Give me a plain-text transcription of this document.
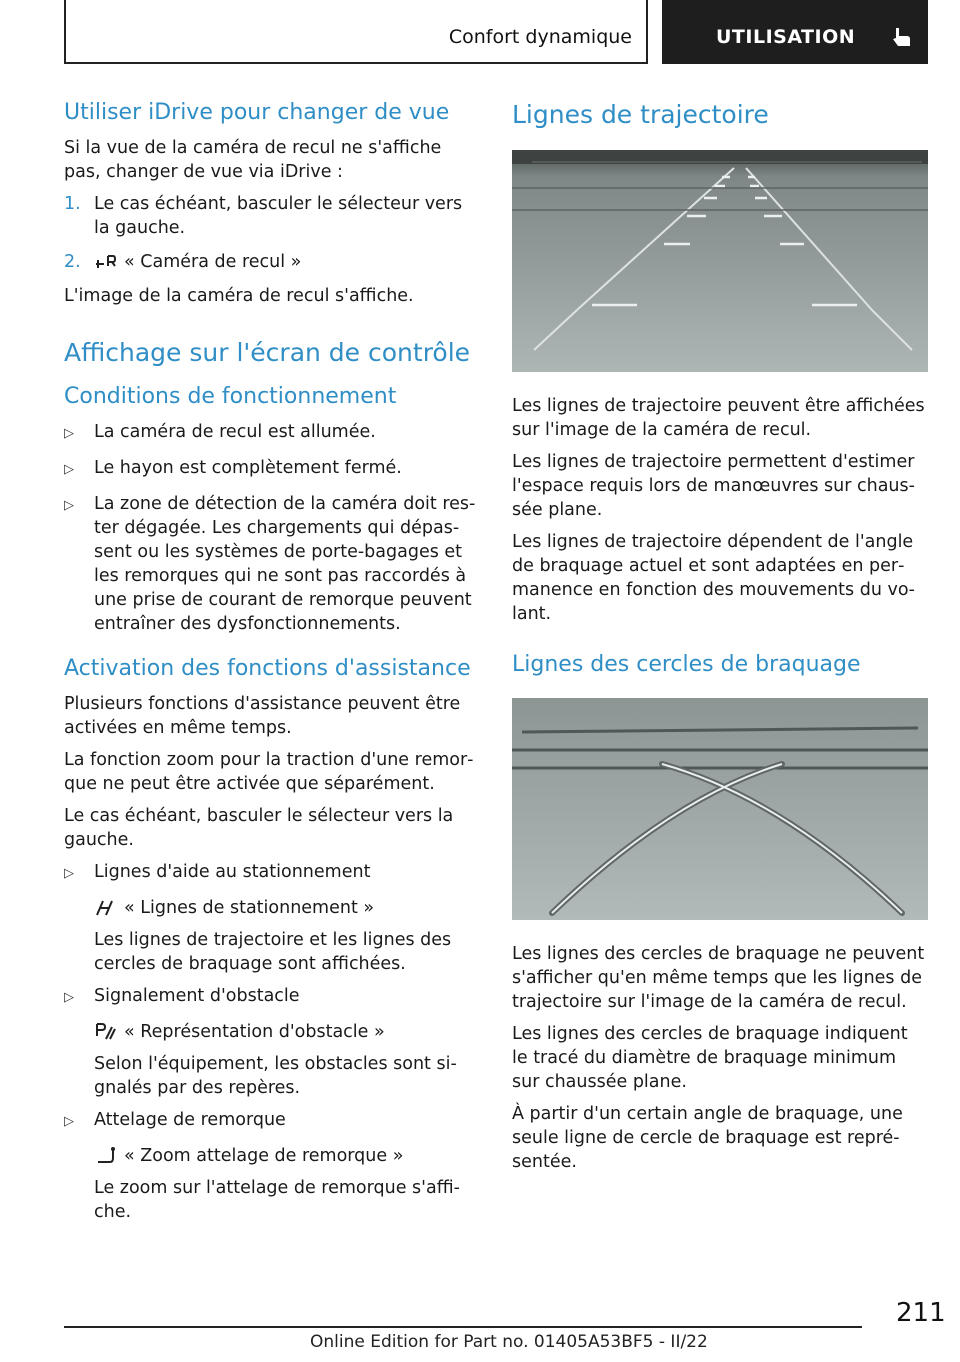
Confort dynamique	UTILISATION
Utiliser iDrive pour changer de vue
Si la vue de la caméra de recul ne s'affiche pas, changer de vue via iDrive :
1. Le cas échéant, basculer le sélecteur vers la gauche.
2.	« Caméra de recul »
L'image de la caméra de recul s'affiche.
Affichage sur l'écran de contrôle
Conditions de fonctionnement
▷	La caméra de recul est allumée.
▷	Le hayon est complètement fermé.
▷	La zone de détection de la caméra doit rester dégagée. Les chargements qui dépassent ou les systèmes de porte-bagages et les remorques qui ne sont pas raccordés à une prise de courant de remorque peuvent entraîner des dysfonctionnements.
Activation des fonctions d'assistance
Plusieurs fonctions d'assistance peuvent être activées en même temps.
La fonction zoom pour la traction d'une remorque ne peut être activée que séparément.
Le cas échéant, basculer le sélecteur vers la gauche.
▷	Lignes d'aide au stationnement
« Lignes de stationnement »
Les lignes de trajectoire et les lignes des cercles de braquage sont affichées.
▷	Signalement d'obstacle
« Représentation d'obstacle »
Selon l'équipement, les obstacles sont signalés par des repères.
▷	Attelage de remorque
« Zoom attelage de remorque »
Le zoom sur l'attelage de remorque s'affiche.
Lignes de trajectoire
Les lignes de trajectoire peuvent être affichées sur l'image de la caméra de recul.
Les lignes de trajectoire permettent d'estimer l'espace requis lors de manœuvres sur chaussée plane.
Les lignes de trajectoire dépendent de l'angle de braquage actuel et sont adaptées en permanence en fonction des mouvements du volant.
Lignes des cercles de braquage
Les lignes des cercles de braquage ne peuvent s'afficher qu'en même temps que les lignes de trajectoire sur l'image de la caméra de recul.
Les lignes des cercles de braquage indiquent le tracé du diamètre de braquage minimum sur chaussée plane.
À partir d'un certain angle de braquage, une seule ligne de cercle de braquage est représentée.
211
Online Edition for Part no. 01405A53BF5 - II/22
